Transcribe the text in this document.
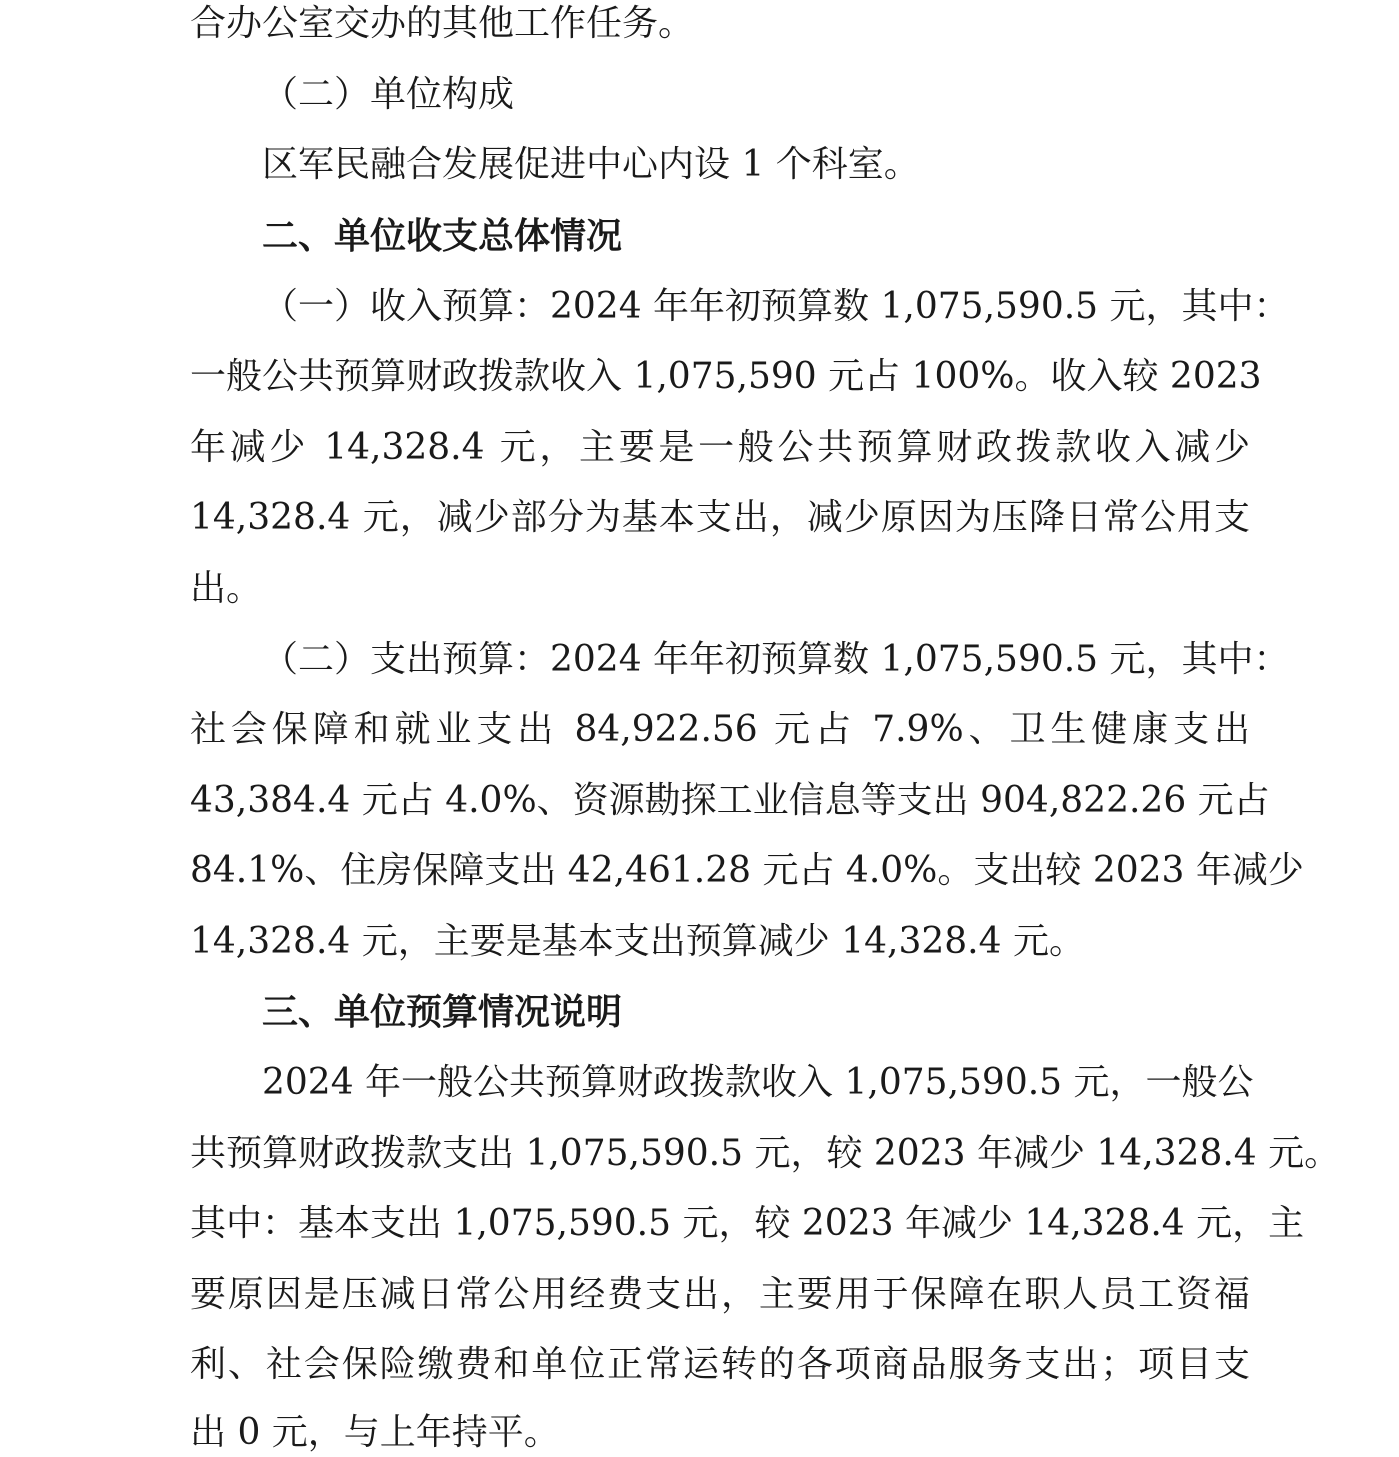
合办公室交办的其他工作任务。
（二）单位构成
区军民融合发展促进中心内设 1 个科室。
二、单位收支总体情况
（一）收入预算：2024 年年初预算数 1,075,590.5 元，其中：
一般公共预算财政拨款收入 1,075,590 元占 100%。收入较 2023
年减少 14,328.4 元，主要是一般公共预算财政拨款收入减少
14,328.4 元，减少部分为基本支出，减少原因为压降日常公用支
出。
（二）支出预算：2024 年年初预算数 1,075,590.5 元，其中：
社会保障和就业支出 84,922.56 元占 7.9%、卫生健康支出
43,384.4 元占 4.0%、资源勘探工业信息等支出 904,822.26 元占
84.1%、住房保障支出 42,461.28 元占 4.0%。支出较 2023 年减少
14,328.4 元，主要是基本支出预算减少 14,328.4 元。
三、单位预算情况说明
2024 年一般公共预算财政拨款收入 1,075,590.5 元，一般公
共预算财政拨款支出 1,075,590.5 元，较 2023 年减少 14,328.4 元。
其中：基本支出 1,075,590.5 元，较 2023 年减少 14,328.4 元，主
要原因是压减日常公用经费支出，主要用于保障在职人员工资福
利、社会保险缴费和单位正常运转的各项商品服务支出；项目支
出 0 元，与上年持平。
